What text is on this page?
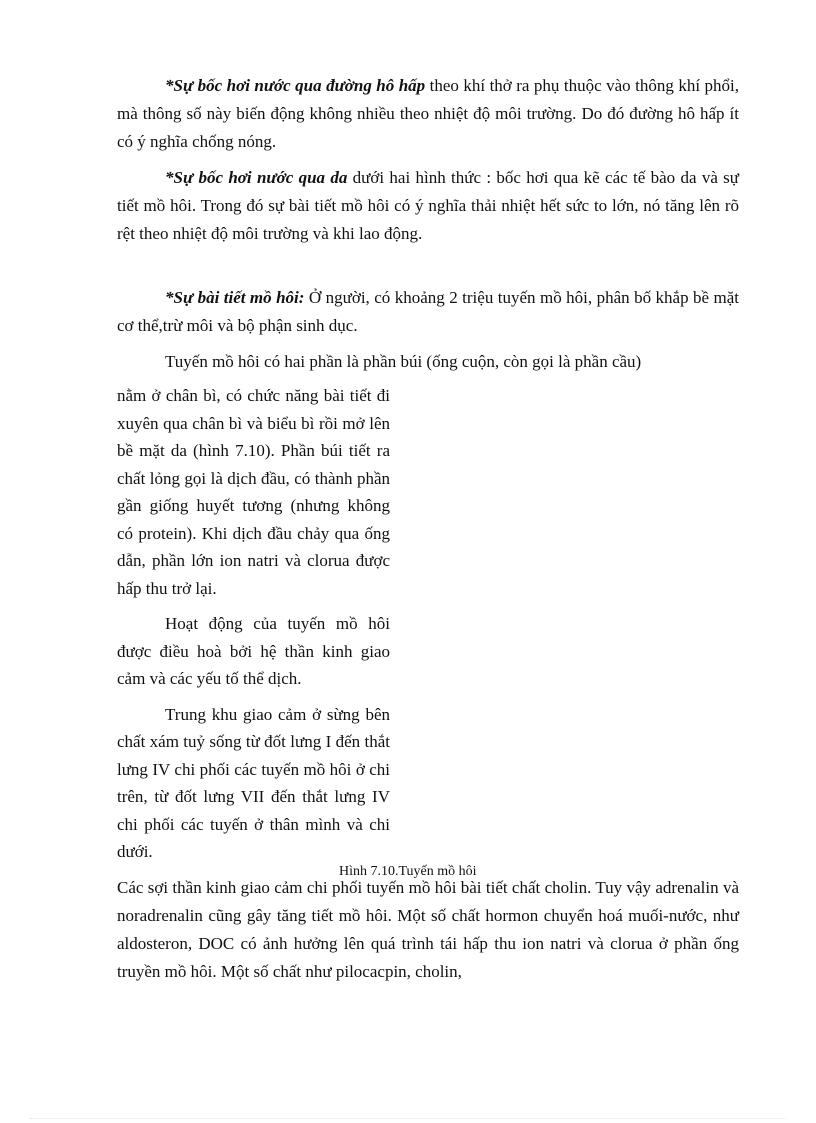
*Sự bốc hơi nước qua đường hô hấp theo khí thở ra phụ thuộc vào thông khí phổi, mà thông số này biến động không nhiều theo nhiệt độ môi trường. Do đó đường hô hấp ít có ý nghĩa chống nóng.

*Sự bốc hơi nước qua da dưới hai hình thức : bốc hơi qua kẽ các tế bào da và sự tiết mồ hôi. Trong đó sự bài tiết mồ hôi có ý nghĩa thải nhiệt hết sức to lớn, nó tăng lên rõ rệt theo nhiệt độ môi trường và khi lao động.

*Sự bài tiết mồ hôi: Ở người, có khoảng 2 triệu tuyến mồ hôi, phân bố khắp bề mặt cơ thể,trừ môi và bộ phận sinh dục.

Tuyến mồ hôi có hai phần là phần búi (ống cuộn, còn gọi là phần cầu)

nằm ở chân bì, có chức năng bài tiết đi xuyên qua chân bì và biểu bì rồi mở lên bề mặt da (hình 7.10). Phần búi tiết ra chất lỏng gọi là dịch đầu, có thành phần gần giống huyết tương (nhưng không có protein). Khi dịch đầu chảy qua ống dẫn, phần lớn ion natri và clorua được hấp thu trở lại.

Hoạt động của tuyến mồ hôi được điều hoà bởi hệ thần kinh giao cảm và các yếu tố thể dịch.

Trung khu giao cảm ở sừng bên chất xám tuỷ sống từ đốt lưng I đến thắt lưng IV chi phối các tuyến mồ hôi ở chi trên, từ đốt lưng VII đến thắt lưng IV chi phối các tuyến ở thân mình và chi dưới.

Các sợi thần kinh giao cảm chi phối tuyến mồ hôi bài tiết chất cholin. Tuy vậy adrenalin và noradrenalin cũng gây tăng tiết mồ hôi. Một số chất hormon chuyển hoá muối-nước, như aldosteron, DOC có ảnh hưởng lên quá trình tái hấp thu ion natri và clorua ở phần ống truyền mồ hôi. Một số chất như pilocacpin, cholin,

Hình 7.10.Tuyến mồ hôi
